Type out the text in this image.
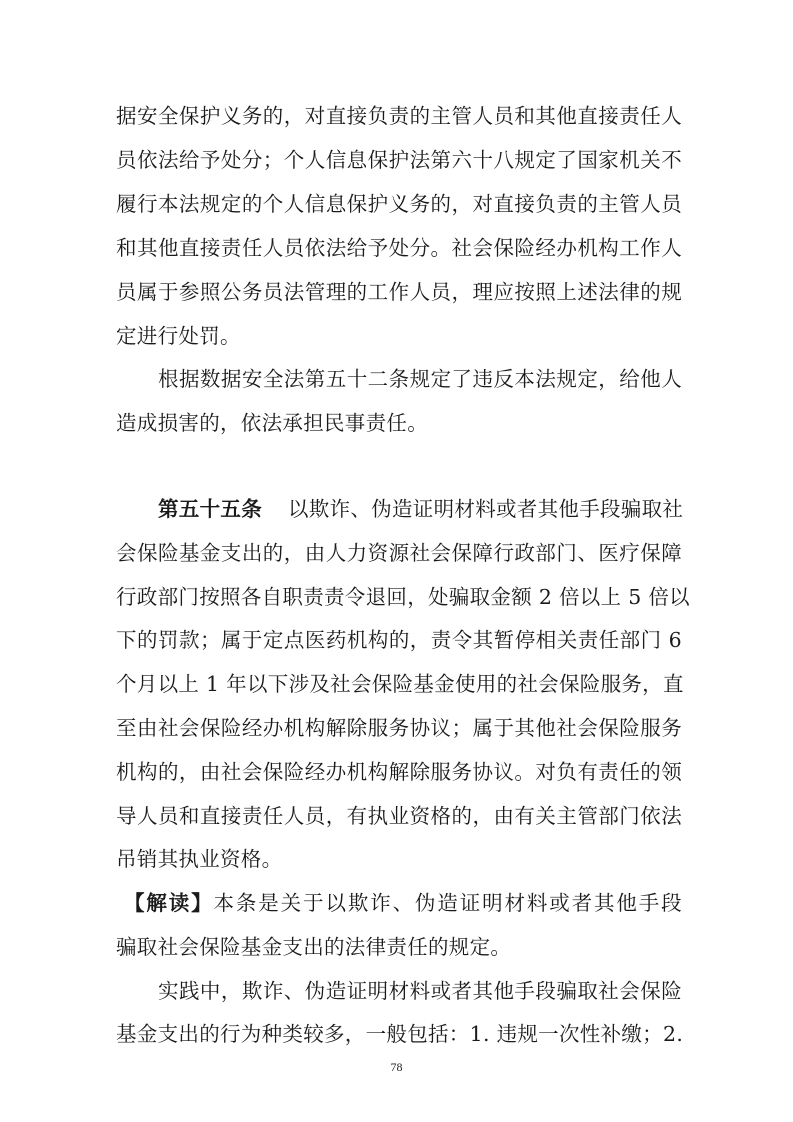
据安全保护义务的，对直接负责的主管人员和其他直接责任人
员依法给予处分；个人信息保护法第六十八规定了国家机关不
履行本法规定的个人信息保护义务的，对直接负责的主管人员
和其他直接责任人员依法给予处分。社会保险经办机构工作人
员属于参照公务员法管理的工作人员，理应按照上述法律的规
定进行处罚。
根据数据安全法第五十二条规定了违反本法规定，给他人
造成损害的，依法承担民事责任。
第五十五条 以欺诈、伪造证明材料或者其他手段骗取社
会保险基金支出的，由人力资源社会保障行政部门、医疗保障
行政部门按照各自职责责令退回，处骗取金额 2 倍以上 5 倍以
下的罚款；属于定点医药机构的，责令其暂停相关责任部门 6
个月以上 1 年以下涉及社会保险基金使用的社会保险服务，直
至由社会保险经办机构解除服务协议；属于其他社会保险服务
机构的，由社会保险经办机构解除服务协议。对负有责任的领
导人员和直接责任人员，有执业资格的，由有关主管部门依法
吊销其执业资格。
【解读】本条是关于以欺诈、伪造证明材料或者其他手段
骗取社会保险基金支出的法律责任的规定。
实践中，欺诈、伪造证明材料或者其他手段骗取社会保险
基金支出的行为种类较多，一般包括：1. 违规一次性补缴；2.
78
